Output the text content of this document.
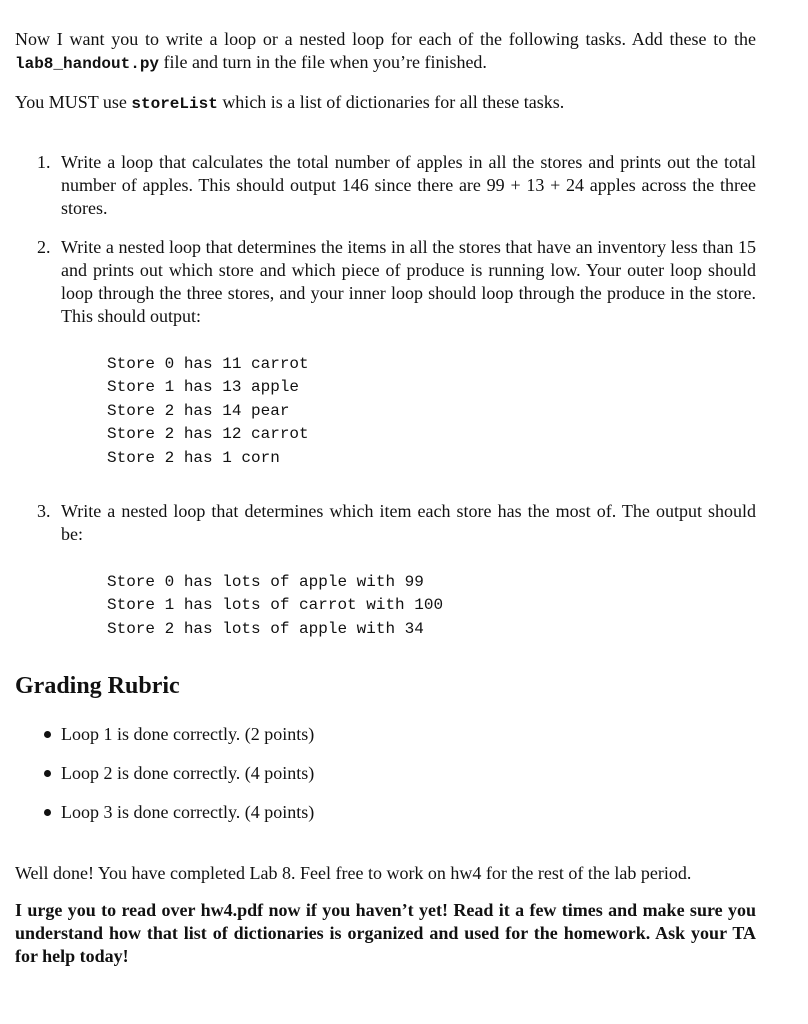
Now I want you to write a loop or a nested loop for each of the following tasks. Add these to the lab8_handout.py file and turn in the file when you’re finished.

You MUST use storeList which is a list of dictionaries for all these tasks.

1. Write a loop that calculates the total number of apples in all the stores and prints out the total number of apples. This should output 146 since there are 99 + 13 + 24 apples across the three stores.
2. Write a nested loop that determines the items in all the stores that have an inventory less than 15 and prints out which store and which piece of produce is running low. Your outer loop should loop through the three stores, and your inner loop should loop through the produce in the store. This should output:
Store 0 has 11 carrot
Store 1 has 13 apple
Store 2 has 14 pear
Store 2 has 12 carrot
Store 2 has 1 corn
3. Write a nested loop that determines which item each store has the most of. The output should be:
Store 0 has lots of apple with 99
Store 1 has lots of carrot with 100
Store 2 has lots of apple with 34
Grading Rubric
Loop 1 is done correctly. (2 points)
Loop 2 is done correctly. (4 points)
Loop 3 is done correctly. (4 points)

Well done! You have completed Lab 8. Feel free to work on hw4 for the rest of the lab period.

I urge you to read over hw4.pdf now if you haven’t yet! Read it a few times and make sure you understand how that list of dictionaries is organized and used for the homework. Ask your TA for help today!
